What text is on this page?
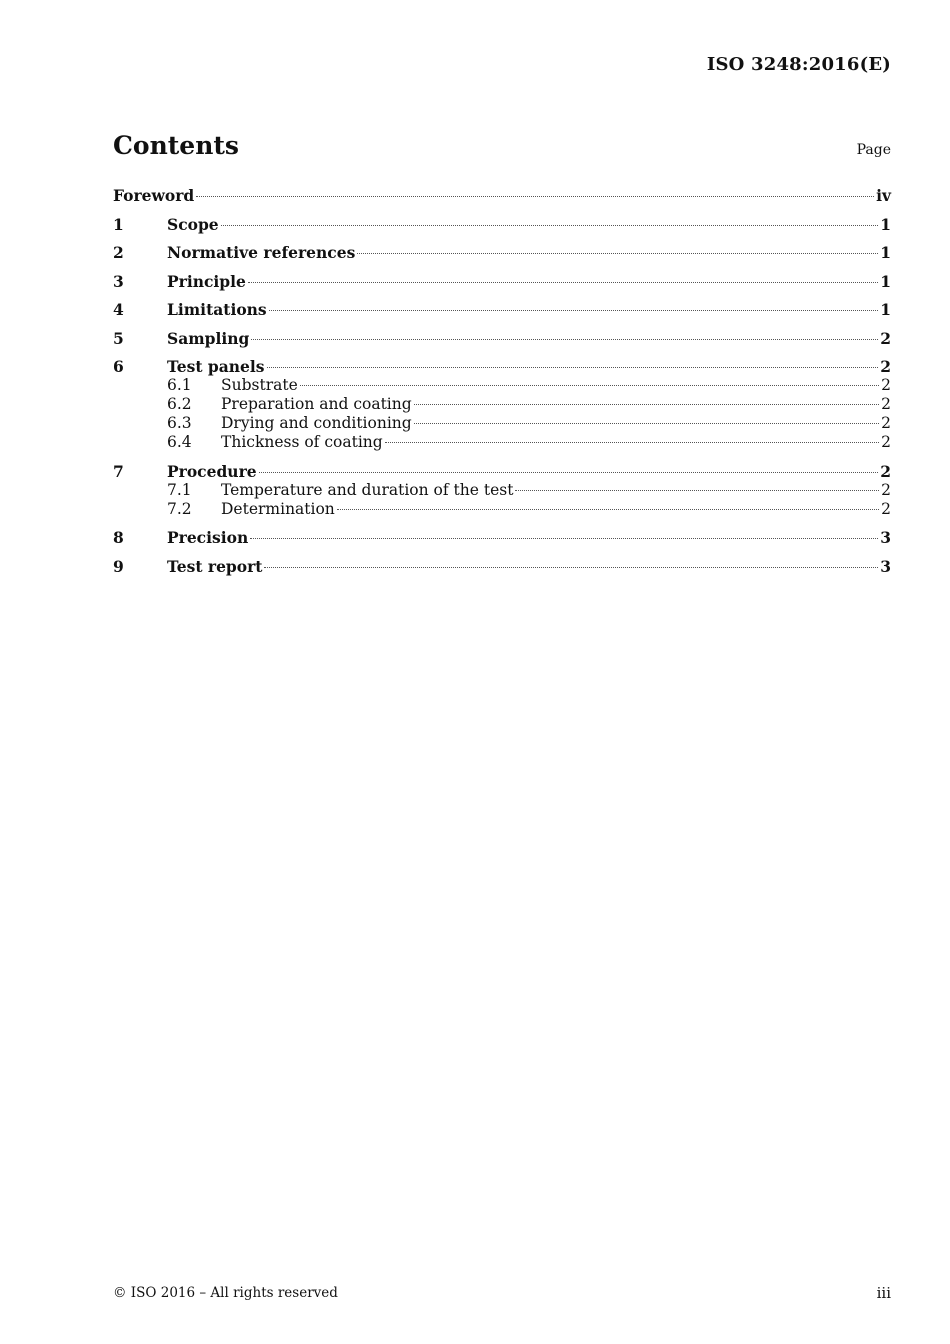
ISO 3248:2016(E)
Contents	Page
Foreword	iv
1	Scope	1
2	Normative references	1
3	Principle	1
4	Limitations	1
5	Sampling	2
6	Test panels	2
6.1	Substrate	2
6.2	Preparation and coating	2
6.3	Drying and conditioning	2
6.4	Thickness of coating	2
7	Procedure	2
7.1	Temperature and duration of the test	2
7.2	Determination	2
8	Precision	3
9	Test report	3
© ISO 2016 – All rights reserved	iii
